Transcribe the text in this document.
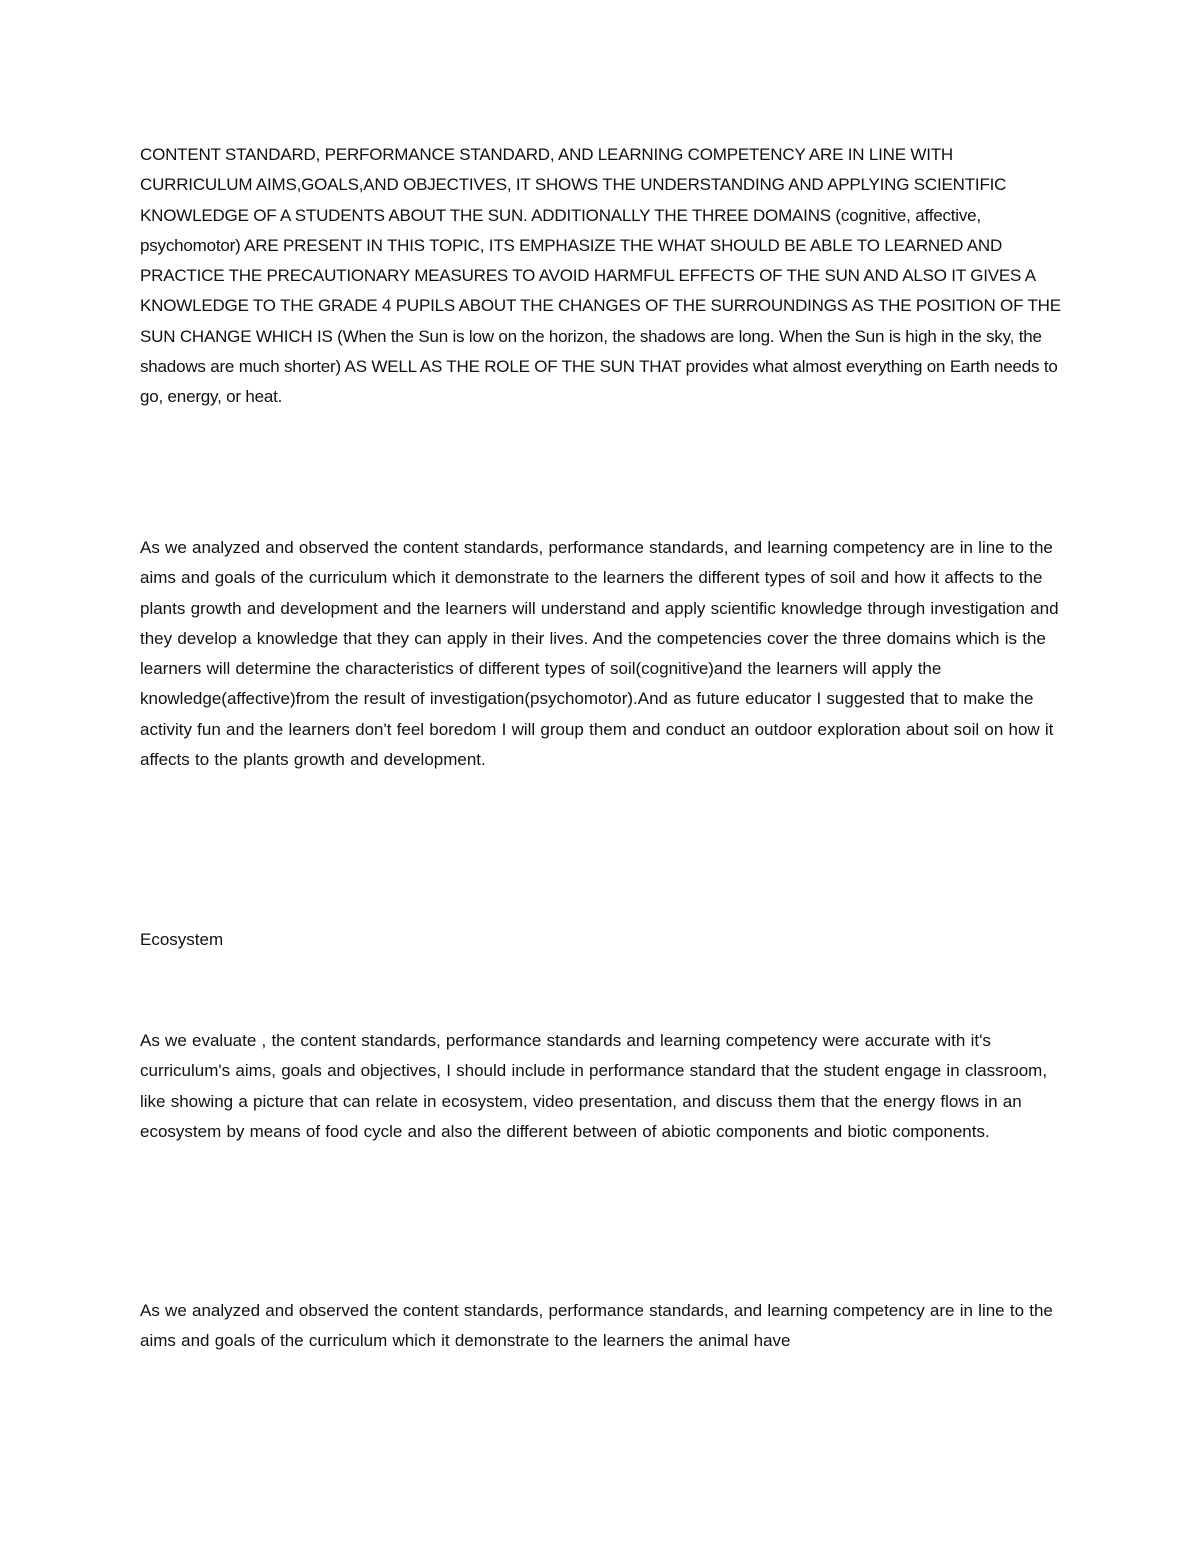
CONTENT STANDARD, PERFORMANCE STANDARD, AND LEARNING COMPETENCY ARE IN LINE WITH CURRICULUM AIMS,GOALS,AND OBJECTIVES, IT SHOWS THE UNDERSTANDING AND APPLYING SCIENTIFIC KNOWLEDGE OF A STUDENTS ABOUT THE SUN. ADDITIONALLY THE THREE DOMAINS (cognitive, affective, psychomotor) ARE PRESENT IN THIS TOPIC, ITS EMPHASIZE THE WHAT SHOULD BE ABLE TO LEARNED AND PRACTICE THE PRECAUTIONARY MEASURES TO AVOID HARMFUL EFFECTS OF THE SUN AND ALSO IT GIVES A KNOWLEDGE TO THE GRADE 4 PUPILS ABOUT THE CHANGES OF THE SURROUNDINGS AS THE POSITION OF THE SUN CHANGE WHICH IS (When the Sun is low on the horizon, the shadows are long. When the Sun is high in the sky, the shadows are much shorter) AS WELL AS THE ROLE OF THE SUN THAT provides what almost everything on Earth needs to go, energy, or heat.

As we analyzed and observed the content standards, performance standards, and learning competency are in line to the aims and goals of the curriculum which it demonstrate to the learners the different types of soil and how it affects to the plants growth and development and the learners will understand and apply scientific knowledge through investigation and they develop a knowledge that they can apply in their lives. And the competencies cover the three domains which is the learners will determine the characteristics of different types of soil(cognitive)and the learners will apply the knowledge(affective)from the result of investigation(psychomotor).And as future educator I suggested that to make the activity fun and the learners don't feel boredom I will group them and conduct an outdoor exploration about soil on how it affects to the plants growth and development.

Ecosystem

As we evaluate , the content standards, performance standards and learning competency were accurate with it's curriculum's aims, goals and objectives, I should include in performance standard that the student engage in classroom, like showing a picture that can relate in ecosystem, video presentation, and discuss them that the energy flows in an ecosystem by means of food cycle and also the different between of abiotic components and biotic components.

As we analyzed and observed the content standards, performance standards, and learning competency are in line to the aims and goals of the curriculum which it demonstrate to the learners the animal have
